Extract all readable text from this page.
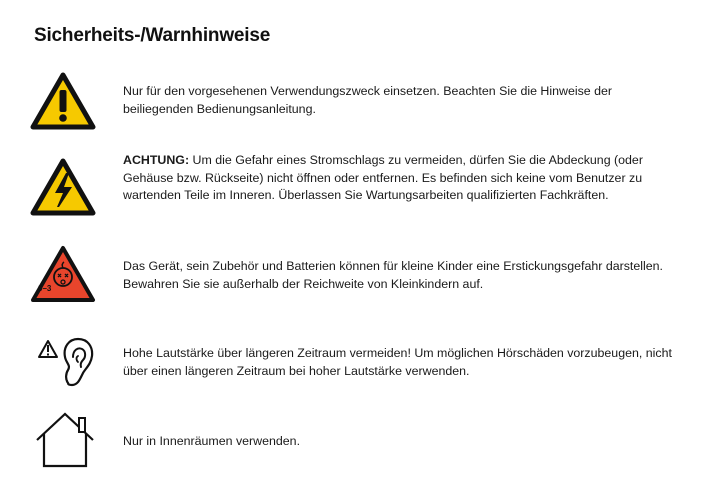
Sicherheits-/Warnhinweise
Nur für den vorgesehenen Verwendungszweck einsetzen. Beachten Sie die Hinweise der beiliegenden Bedienungsanleitung.
ACHTUNG: Um die Gefahr eines Stromschlags zu vermeiden, dürfen Sie die Abdeckung (oder Gehäuse bzw. Rückseite) nicht öffnen oder entfernen. Es befinden sich keine vom Benutzer zu wartenden Teile im Inneren. Überlassen Sie Wartungsarbeiten qualifizierten Fachkräften.
0–3
Das Gerät, sein Zubehör und Batterien können für kleine Kinder eine Erstickungsgefahr darstellen. Bewahren Sie sie außerhalb der Reichweite von Kleinkindern auf.
Hohe Lautstärke über längeren Zeitraum vermeiden! Um möglichen Hörschäden vorzubeugen, nicht über einen längeren Zeitraum bei hoher Lautstärke verwenden.
Nur in Innenräumen verwenden.
